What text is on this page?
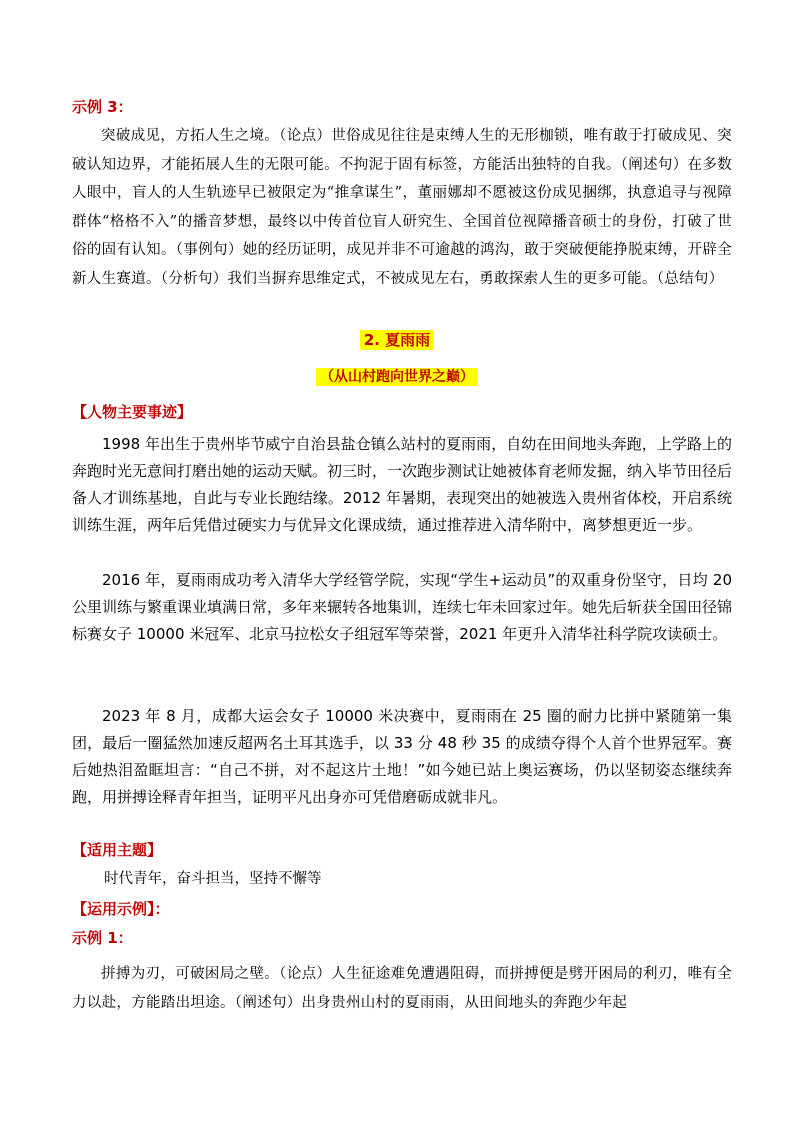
示例 3：
突破成见，方拓人生之境。（论点）世俗成见往往是束缚人生的无形枷锁，唯有敢于打破成见、突破认知边界，才能拓展人生的无限可能。不拘泥于固有标签，方能活出独特的自我。（阐述句）在多数人眼中，盲人的人生轨迹早已被限定为“推拿谋生”，董丽娜却不愿被这份成见捆绑，执意追寻与视障群体“格格不入”的播音梦想，最终以中传首位盲人研究生、全国首位视障播音硕士的身份，打破了世俗的固有认知。（事例句）她的经历证明，成见并非不可逾越的鸿沟，敢于突破便能挣脱束缚，开辟全新人生赛道。（分析句）我们当摒弃思维定式，不被成见左右，勇敢探索人生的更多可能。（总结句）
2. 夏雨雨
（从山村跑向世界之巅）
【人物主要事迹】
1998 年出生于贵州毕节威宁自治县盐仓镇么站村的夏雨雨，自幼在田间地头奔跑，上学路上的奔跑时光无意间打磨出她的运动天赋。初三时，一次跑步测试让她被体育老师发掘，纳入毕节田径后备人才训练基地，自此与专业长跑结缘。2012 年暑期，表现突出的她被选入贵州省体校，开启系统训练生涯，两年后凭借过硬实力与优异文化课成绩，通过推荐进入清华附中，离梦想更近一步。
2016 年，夏雨雨成功考入清华大学经管学院，实现“学生+运动员”的双重身份坚守，日均 20 公里训练与繁重课业填满日常，多年来辗转各地集训，连续七年未回家过年。她先后斩获全国田径锦标赛女子 10000 米冠军、北京马拉松女子组冠军等荣誉，2021 年更升入清华社科学院攻读硕士。
2023 年 8 月，成都大运会女子 10000 米决赛中，夏雨雨在 25 圈的耐力比拼中紧随第一集团，最后一圈猛然加速反超两名土耳其选手，以 33 分 48 秒 35 的成绩夺得个人首个世界冠军。赛后她热泪盈眶坦言：“自己不拼，对不起这片土地！”如今她已站上奥运赛场，仍以坚韧姿态继续奔跑，用拼搏诠释青年担当，证明平凡出身亦可凭借磨砺成就非凡。
【适用主题】
时代青年，奋斗担当，坚持不懈等
【运用示例】：
示例 1：
拼搏为刃，可破困局之壁。（论点）人生征途难免遭遇阻碍，而拼搏便是劈开困局的利刃，唯有全力以赴，方能踏出坦途。（阐述句）出身贵州山村的夏雨雨，从田间地头的奔跑少年起
